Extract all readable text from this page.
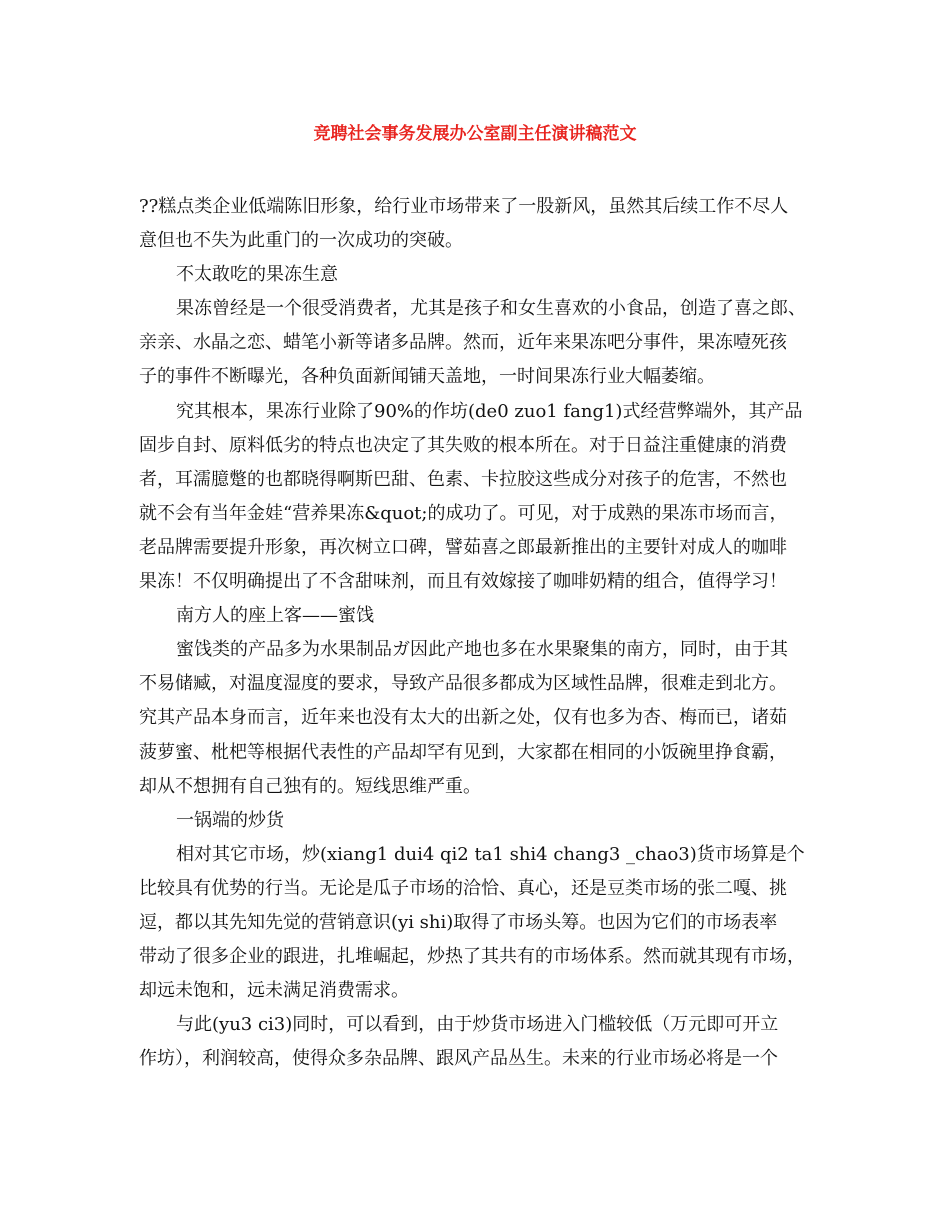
竞聘社会事务发展办公室副主任演讲稿范文
??糕点类企业低端陈旧形象，给行业市场带来了一股新风，虽然其后续工作不尽人
意但也不失为此重门的一次成功的突破。
不太敢吃的果冻生意
果冻曾经是一个很受消费者，尤其是孩子和女生喜欢的小食品，创造了喜之郎、
亲亲、水晶之恋、蜡笔小新等诸多品牌。然而，近年来果冻吧分事件，果冻噎死孩
子的事件不断曝光，各种负面新闻铺天盖地，一时间果冻行业大幅萎缩。
究其根本，果冻行业除了90%的作坊(de0 zuo1 fang1)式经营弊端外，其产品
固步自封、原料低劣的特点也决定了其失败的根本所在。对于日益注重健康的消费
者，耳濡臆蹩的也都晓得啊斯巴甜、色素、卡拉胶这些成分对孩子的危害，不然也
就不会有当年金娃“营养果冻&quot;的成功了。可见，对于成熟的果冻市场而言，
老品牌需要提升形象，再次树立口碑，譬茹喜之郎最新推出的主要针对成人的咖啡
果冻！不仅明确提出了不含甜味剂，而且有效嫁接了咖啡奶精的组合，值得学习！
南方人的座上客——蜜饯
蜜饯类的产品多为水果制品ガ因此产地也多在水果聚集的南方，同时，由于其
不易储臧，对温度湿度的要求，导致产品很多都成为区域性品牌，很难走到北方。
究其产品本身而言，近年来也没有太大的出新之处，仅有也多为杏、梅而已，诸茹
菠萝蜜、枇杷等根据代表性的产品却罕有见到，大家都在相同的小饭碗里挣食霸，
却从不想拥有自己独有的。短线思维严重。
一锅端的炒货
相对其它市场，炒(xiang1 dui4 qi2 ta1 shi4 chang3 _chao3)货市场算是个
比较具有优势的行当。无论是瓜子市场的洽恰、真心，还是豆类市场的张二嘎、挑
逗，都以其先知先觉的营销意识(yi shi)取得了市场头筹。也因为它们的市场表率
带动了很多企业的跟进，扎堆崛起，炒热了其共有的市场体系。然而就其现有市场，
却远未饱和，远未满足消费需求。
与此(yu3 ci3)同时，可以看到，由于炒货市场进入门槛较低（万元即可开立
作坊），利润较高，使得众多杂品牌、跟风产品丛生。未来的行业市场必将是一个
